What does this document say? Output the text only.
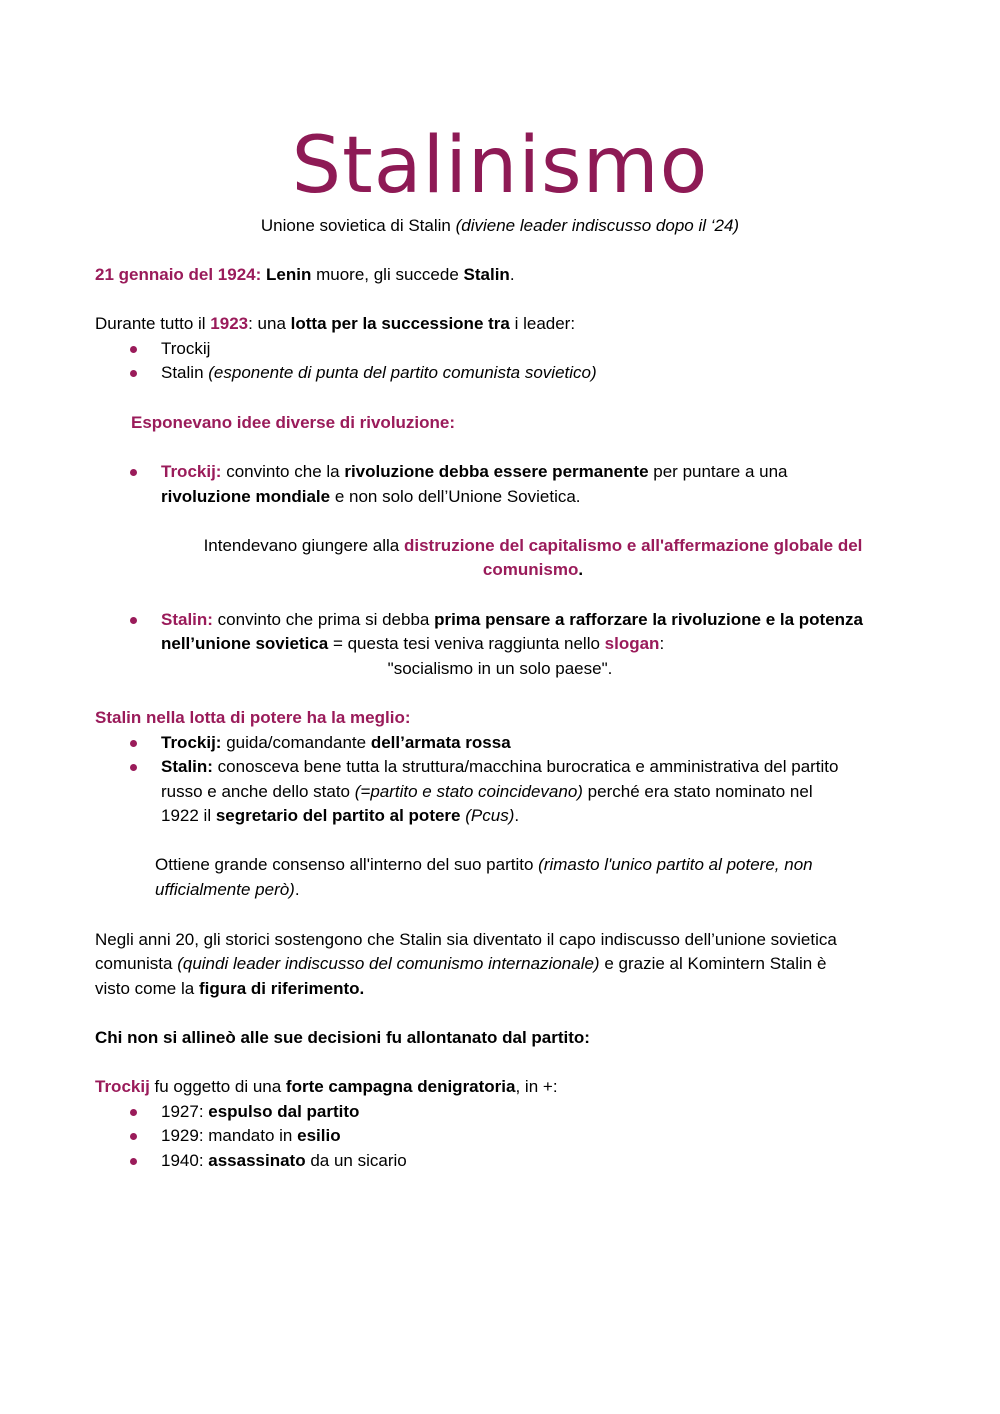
Stalinismo
Unione sovietica di Stalin (diviene leader indiscusso dopo il ‘24)
21 gennaio del 1924: Lenin muore, gli succede Stalin.
Durante tutto il 1923: una lotta per la successione tra i leader:
Trockij
Stalin (esponente di punta del partito comunista sovietico)
Esponevano idee diverse di rivoluzione:
Trockij: convinto che la rivoluzione debba essere permanente per puntare a una
rivoluzione mondiale e non solo dell’Unione Sovietica.
Intendevano giungere alla distruzione del capitalismo e all'affermazione globale del
comunismo.
Stalin: convinto che prima si debba prima pensare a rafforzare la rivoluzione e la potenza
nell’unione sovietica = questa tesi veniva raggiunta nello slogan:
"socialismo in un solo paese".
Stalin nella lotta di potere ha la meglio:
Trockij: guida/comandante dell’armata rossa
Stalin: conosceva bene tutta la struttura/macchina burocratica e amministrativa del partito
russo e anche dello stato (=partito e stato coincidevano) perché era stato nominato nel
1922 il segretario del partito al potere (Pcus).
Ottiene grande consenso all'interno del suo partito (rimasto l'unico partito al potere, non
ufficialmente però).
Negli anni 20, gli storici sostengono che Stalin sia diventato il capo indiscusso dell’unione sovietica
comunista (quindi leader indiscusso del comunismo internazionale) e grazie al Komintern Stalin è
visto come la figura di riferimento.
Chi non si allineò alle sue decisioni fu allontanato dal partito:
Trockij fu oggetto di una forte campagna denigratoria, in +:
1927: espulso dal partito
1929: mandato in esilio
1940: assassinato da un sicario
